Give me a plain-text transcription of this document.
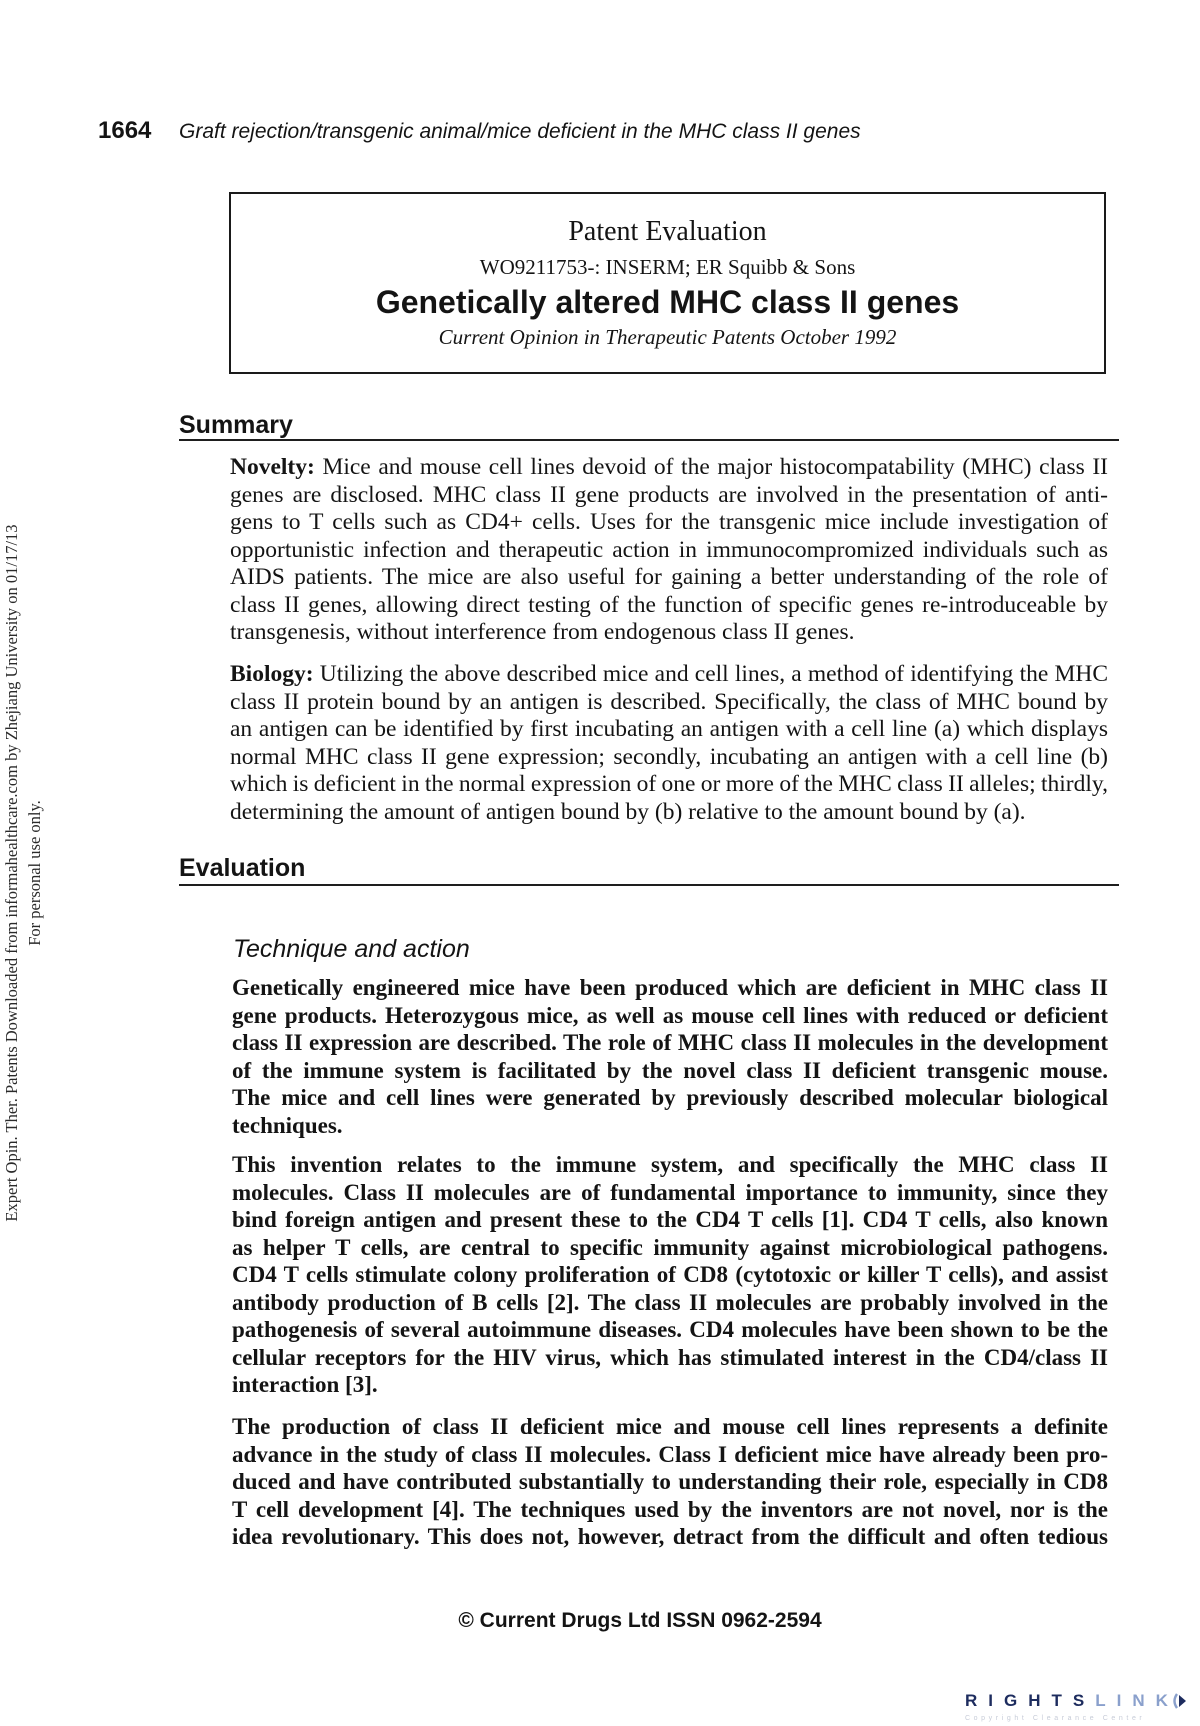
1664	Graft rejection/transgenic animal/mice deficient in the MHC class II genes
Expert Opin. Ther. Patents Downloaded from informahealthcare.com by Zhejiang University on 01/17/13 For personal use only.
Patent Evaluation
WO9211753-: INSERM; ER Squibb & Sons
Genetically altered MHC class II genes
Current Opinion in Therapeutic Patents October 1992
Summary
Novelty: Mice and mouse cell lines devoid of the major histocompatability (MHC) class II
genes are disclosed. MHC class II gene products are involved in the presentation of anti-
gens to T cells such as CD4+ cells. Uses for the transgenic mice include investigation of
opportunistic infection and therapeutic action in immunocompromized individuals such as
AIDS patients. The mice are also useful for gaining a better understanding of the role of
class II genes, allowing direct testing of the function of specific genes re-introduceable by
transgenesis, without interference from endogenous class II genes.
Biology: Utilizing the above described mice and cell lines, a method of identifying the MHC
class II protein bound by an antigen is described. Specifically, the class of MHC bound by
an antigen can be identified by first incubating an antigen with a cell line (a) which displays
normal MHC class II gene expression; secondly, incubating an antigen with a cell line (b)
which is deficient in the normal expression of one or more of the MHC class II alleles; thirdly,
determining the amount of antigen bound by (b) relative to the amount bound by (a).
Evaluation
Technique and action
Genetically engineered mice have been produced which are deficient in MHC class II
gene products. Heterozygous mice, as well as mouse cell lines with reduced or deficient
class II expression are described. The role of MHC class II molecules in the development
of the immune system is facilitated by the novel class II deficient transgenic mouse.
The mice and cell lines were generated by previously described molecular biological
techniques.
This invention relates to the immune system, and specifically the MHC class II
molecules. Class II molecules are of fundamental importance to immunity, since they
bind foreign antigen and present these to the CD4 T cells [1]. CD4 T cells, also known
as helper T cells, are central to specific immunity against microbiological pathogens.
CD4 T cells stimulate colony proliferation of CD8 (cytotoxic or killer T cells), and assist
antibody production of B cells [2]. The class II molecules are probably involved in the
pathogenesis of several autoimmune diseases. CD4 molecules have been shown to be the
cellular receptors for the HIV virus, which has stimulated interest in the CD4/class II
interaction [3].
The production of class II deficient mice and mouse cell lines represents a definite
advance in the study of class II molecules. Class I deficient mice have already been pro-
duced and have contributed substantially to understanding their role, especially in CD8
T cell development [4]. The techniques used by the inventors are not novel, nor is the
idea revolutionary. This does not, however, detract from the difficult and often tedious
© Current Drugs Ltd ISSN 0962-2594
RIGHTSLINK
Copyright Clearance Center
